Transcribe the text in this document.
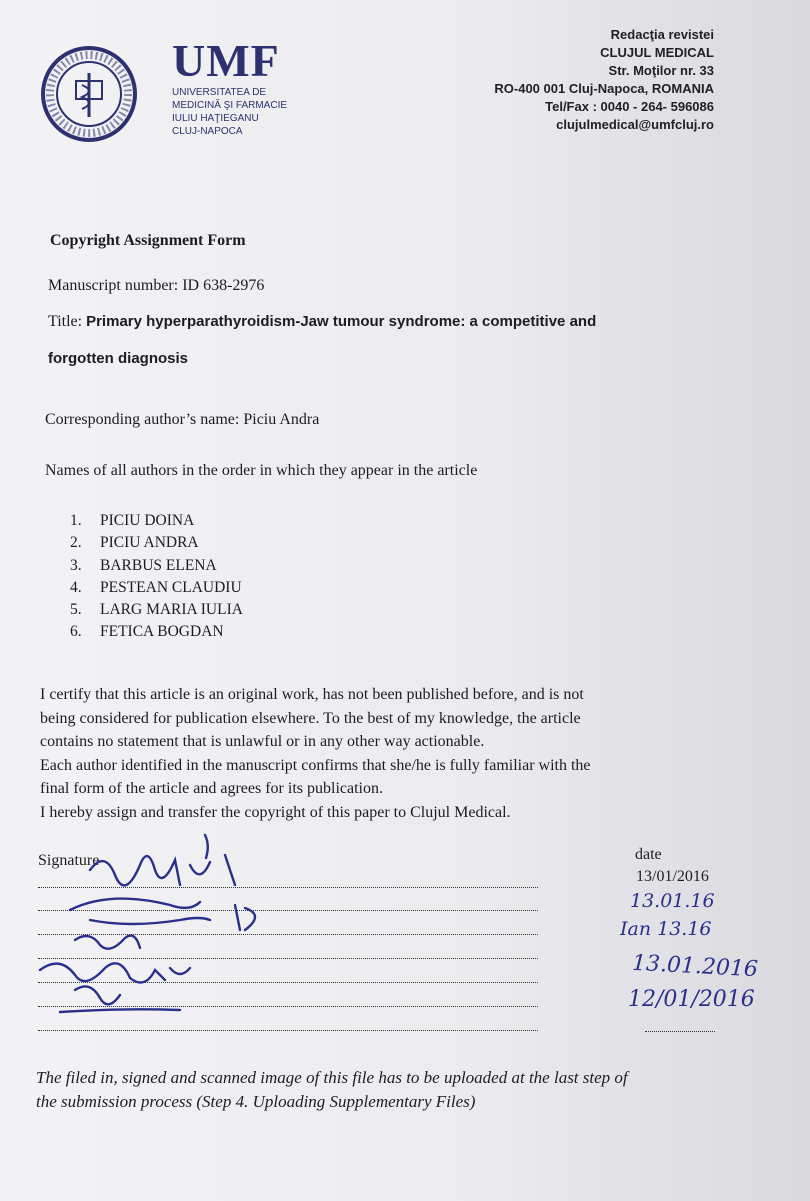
UMF
UNIVERSITATEA DE
MEDICINĂ ŞI FARMACIE
IULIU HAŢIEGANU
CLUJ-NAPOCA
Redacţia revistei
CLUJUL MEDICAL
Str. Moţilor nr. 33
RO-400 001 Cluj-Napoca, ROMANIA
Tel/Fax : 0040 - 264- 596086
clujulmedical@umfcluj.ro
Copyright Assignment Form
Manuscript number: ID 638-2976
Title: Primary hyperparathyroidism-Jaw tumour syndrome: a competitive and
forgotten diagnosis
Corresponding author’s name: Piciu Andra
Names of all authors in the order in which they appear in the article
1. PICIU DOINA
2. PICIU ANDRA
3. BARBUS ELENA
4. PESTEAN CLAUDIU
5. LARG MARIA IULIA
6. FETICA BOGDAN
I certify that this article is an original work, has not been published before, and is not
being considered for publication elsewhere. To the best of my knowledge, the article
contains no statement that is unlawful or in any other way actionable.
Each author identified in the manuscript confirms that she/he is fully familiar with the
final form of the article and agrees for its publication.
I hereby assign and transfer the copyright of this paper to Clujul Medical.
Signature	date
13/01/2016
13.01.16
Ian 13.16
13.01.2016
12/01/2016
The filed in, signed and scanned image of this file has to be uploaded at the last step of
the submission process (Step 4. Uploading Supplementary Files)
